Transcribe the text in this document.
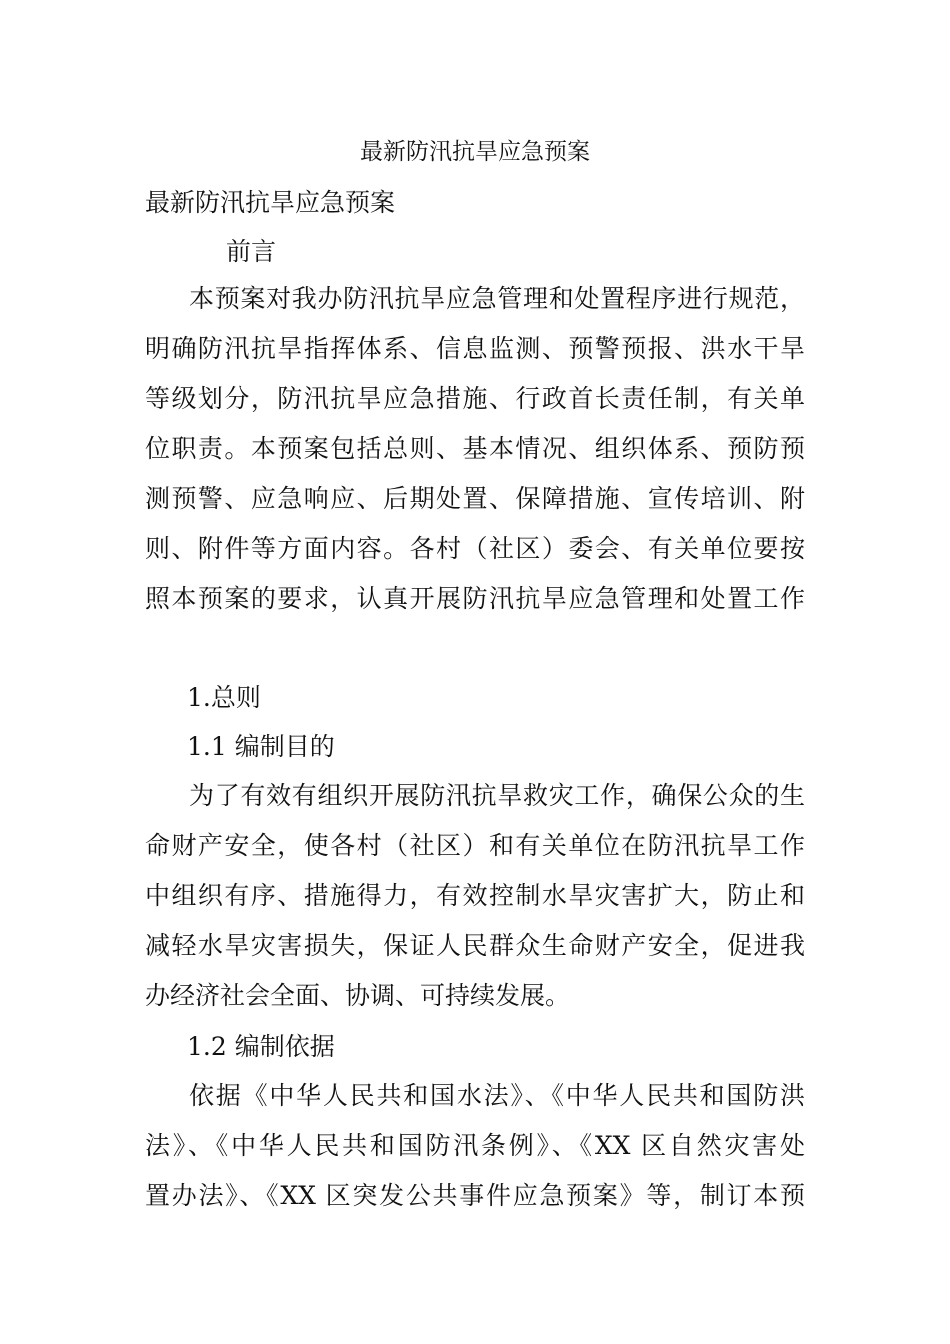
最新防汛抗旱应急预案

最新防汛抗旱应急预案

前言

本预案对我办防汛抗旱应急管理和处置程序进行规范，
明确防汛抗旱指挥体系、信息监测、预警预报、洪水干旱
等级划分，防汛抗旱应急措施、行政首长责任制，有关单
位职责。本预案包括总则、基本情况、组织体系、预防预
测预警、应急响应、后期处置、保障措施、宣传培训、附
则、附件等方面内容。各村（社区）委会、有关单位要按
照本预案的要求，认真开展防汛抗旱应急管理和处置工作
1.总则
1.1 编制目的
为了有效有组织开展防汛抗旱救灾工作，确保公众的生
命财产安全，使各村（社区）和有关单位在防汛抗旱工作
中组织有序、措施得力，有效控制水旱灾害扩大，防止和
减轻水旱灾害损失，保证人民群众生命财产安全，促进我
办经济社会全面、协调、可持续发展。
1.2 编制依据
依据《中华人民共和国水法》、《中华人民共和国防洪
法》、《中华人民共和国防汛条例》、《XX 区自然灾害处
置办法》、《XX 区突发公共事件应急预案》等，制订本预
